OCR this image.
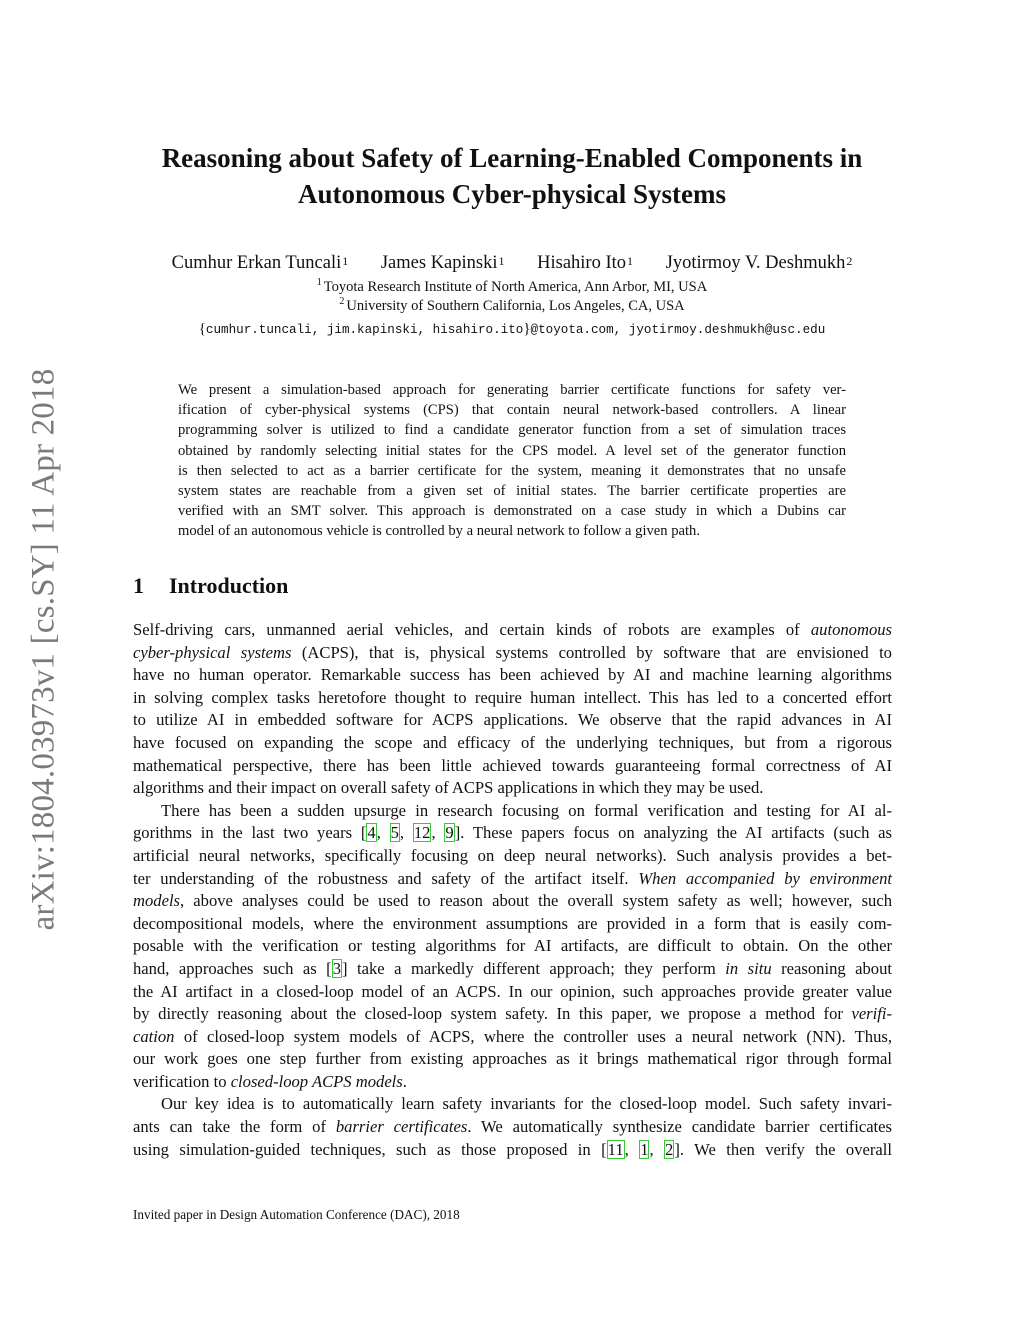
arXiv:1804.03973v1 [cs.SY] 11 Apr 2018
Reasoning about Safety of Learning-Enabled Components in
Autonomous Cyber-physical Systems
Cumhur Erkan Tuncali$^1$ James Kapinski$^1$ Hisahiro Ito$^1$ Jyotirmoy V. Deshmukh$^2$
$^1$ Toyota Research Institute of North America, Ann Arbor, MI, USA
$^2$ University of Southern California, Los Angeles, CA, USA
{cumhur.tuncali, jim.kapinski, hisahiro.ito}@toyota.com, jyotirmoy.deshmukh@usc.edu
We present a simulation-based approach for generating barrier certificate functions for safety ver-
ification of cyber-physical systems (CPS) that contain neural network-based controllers. A linear
programming solver is utilized to find a candidate generator function from a set of simulation traces
obtained by randomly selecting initial states for the CPS model. A level set of the generator function
is then selected to act as a barrier certificate for the system, meaning it demonstrates that no unsafe
system states are reachable from a given set of initial states. The barrier certificate properties are
verified with an SMT solver. This approach is demonstrated on a case study in which a Dubins car
model of an autonomous vehicle is controlled by a neural network to follow a given path.
1 Introduction
Self-driving cars, unmanned aerial vehicles, and certain kinds of robots are examples of autonomous
cyber-physical systems (ACPS), that is, physical systems controlled by software that are envisioned to
have no human operator. Remarkable success has been achieved by AI and machine learning algorithms
in solving complex tasks heretofore thought to require human intellect. This has led to a concerted effort
to utilize AI in embedded software for ACPS applications. We observe that the rapid advances in AI
have focused on expanding the scope and efficacy of the underlying techniques, but from a rigorous
mathematical perspective, there has been little achieved towards guaranteeing formal correctness of AI
algorithms and their impact on overall safety of ACPS applications in which they may be used.
There has been a sudden upsurge in research focusing on formal verification and testing for AI al-
gorithms in the last two years [4, 5, 12, 9]. These papers focus on analyzing the AI artifacts (such as
artificial neural networks, specifically focusing on deep neural networks). Such analysis provides a bet-
ter understanding of the robustness and safety of the artifact itself. When accompanied by environment
models, above analyses could be used to reason about the overall system safety as well; however, such
decompositional models, where the environment assumptions are provided in a form that is easily com-
posable with the verification or testing algorithms for AI artifacts, are difficult to obtain. On the other
hand, approaches such as [3] take a markedly different approach; they perform in situ reasoning about
the AI artifact in a closed-loop model of an ACPS. In our opinion, such approaches provide greater value
by directly reasoning about the closed-loop system safety. In this paper, we propose a method for verifi-
cation of closed-loop system models of ACPS, where the controller uses a neural network (NN). Thus,
our work goes one step further from existing approaches as it brings mathematical rigor through formal
verification to closed-loop ACPS models.
Our key idea is to automatically learn safety invariants for the closed-loop model. Such safety invari-
ants can take the form of barrier certificates. We automatically synthesize candidate barrier certificates
using simulation-guided techniques, such as those proposed in [11, 1, 2]. We then verify the overall
Invited paper in Design Automation Conference (DAC), 2018
